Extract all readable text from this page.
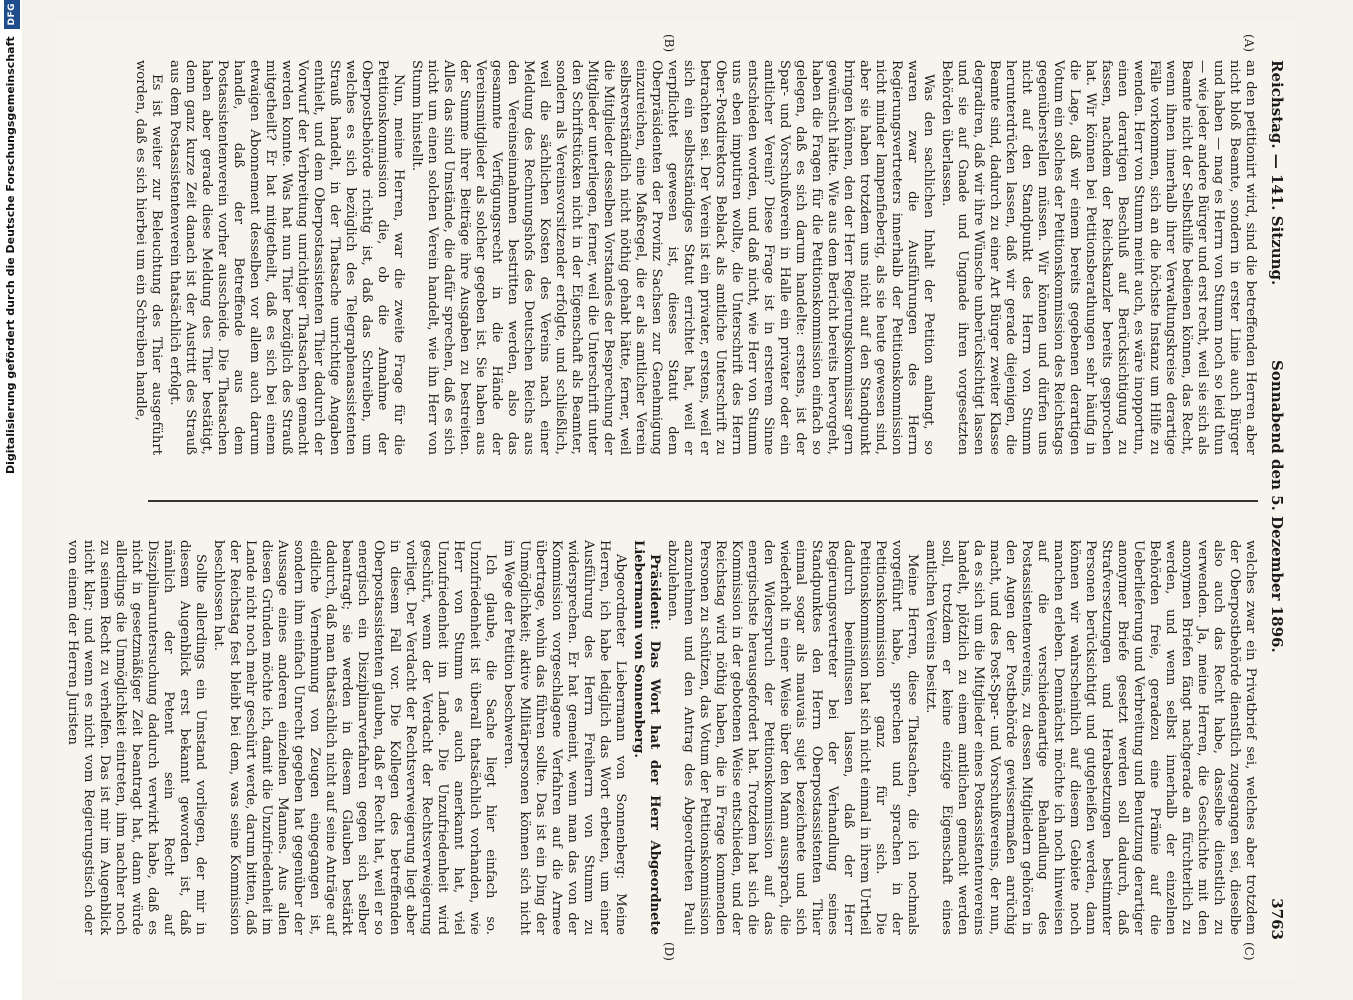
Reichstag. — 141. Sitzung.
Sonnabend den 5. Dezember 1896.
3763
(A)
(B)
(C)
(D)

an den petitionirt wird, sind die betreffenden Herren aber nicht bloß Beamte, sondern in erster Linie auch Bürger und haben — mag es Herrn von Stumm noch so leid thun — wie jeder andere Bürger und erst recht, weil sie sich als Beamte nicht der Selbsthilfe bedienen können, das Recht, wenn ihnen innerhalb ihrer Verwaltungskreise derartige Fälle vorkommen, sich an die höchste Instanz um Hilfe zu wenden. Herr von Stumm meint auch, es wäre inopportun, einen derartigen Beschluß auf Berücksichtigung zu fassen, nachdem der Reichskanzler bereits gesprochen hat. Wir können bei Petitionsberathungen sehr häufig in die Lage, daß wir einem bereits gegebenen derartigen Votum ein solches der Petitionskommission des Reichstags gegenüberstellen müssen. Wir können und dürfen uns nicht auf den Standpunkt des Herrn von Stumm herunterdrücken lassen, daß wir gerade diejenigen, die Beamte sind, dadurch zu einer Art Bürger zweiter Klasse degradiren, daß wir ihre Wünsche unberücksichtigt lassen und sie auf Gnade und Ungnade ihren vorgesetzten Behörden überlassen.

Was den sachlichen Inhalt der Petition anlangt, so waren zwar die Ausführungen des Herrn Regierungsvertreters innerhalb der Petitionskommission nicht minder lampenfieberig, als sie heute gewesen sind, aber sie haben trotzdem uns nicht auf den Standpunkt bringen können, den der Herr Regierungskommissar gern gewünscht hätte. Wie aus dem Bericht bereits hervorgeht, haben die Fragen für die Petitionskommission einfach so gelegen, daß es sich darum handelte: erstens, ist der Spar- und Vorschußverein in Halle ein privater oder ein amtlicher Verein? Diese Frage ist in ersterem Sinne entschieden worden, und daß nicht, wie Herr von Stumm uns eben imputiren wollte, die Unterschrift des Herrn Ober-Postdirektors Beblack als amtliche Unterschrift zu betrachten sei. Der Verein ist ein privater, erstens, weil er sich ein selbstständiges Statut errichtet hat, weil er verpflichtet gewesen ist, dieses Statut dem Oberpräsidenten der Provinz Sachsen zur Genehmigung einzureichen, eine Maßregel, die er als amtlicher Verein selbstverständlich nicht nöthig gehabt hätte, ferner, weil die Mitglieder desselben Vorstandes der Besprechung der Mitglieder unterliegen, ferner, weil die Unterschrift unter den Schriftstücken nicht in der Eigenschaft als Beamter, sondern als Vereinsvorsitzender erfolgte, und schließlich, weil die sächlichen Kosten des Vereins nach einer Meldung des Rechnungshofs des Deutschen Reichs aus den Vereinseinnahmen bestritten werden, also das gesammte Verfügungsrecht in die Hände der Vereinsmitglieder als solcher gegeben ist. Sie haben aus der Summe ihrer Beiträge ihre Ausgaben zu bestreiten. Alles das sind Umstände, die dafür sprechen, daß es sich nicht um einen solchen Verein handelt, wie ihn Herr von Stumm hinstellt.

Nun, meine Herren, war die zweite Frage für die Petitionskommission die, ob die Annahme der Oberpostbehörde richtig ist, daß das Schreiben, um welches es sich bezüglich des Telegraphenassistenten Strauß handelt, in der Thatsache unrichtige Angaben enthielt, und dem Oberpostassistenten Thier dadurch der Vorwurf der Verbreitung unrichtiger Thatsachen gemacht werden konnte. Was hat nun Thier bezüglich des Strauß mitgetheilt? Er hat mitgetheilt, daß es sich bei einem etwaigen Abonnement desselben vor allem auch darum handle, daß der Betreffende aus dem Postassistentenverein vorher ausscheide. Die Thatsachen haben aber gerade diese Meldung des Thier bestätigt, denn ganz kurze Zeit danach ist der Austritt des Strauß aus dem Postassistentenverein thatsächlich erfolgt.

Es ist weiter zur Beleuchtung des Thier ausgeführt worden, daß es sich hierbei um ein Schreiben handle,

welches zwar ein Privatbrief sei, welches aber trotzdem der Oberpostbehörde dienstlich zugegangen sei, dieselbe also auch das Recht habe, dasselbe dienstlich zu verwenden. Ja, meine Herren, die Geschichte mit den anonymen Briefen fängt nachgerade an fürchterlich zu werden, und wenn selbst innerhalb der einzelnen Behörden freie, geradezu eine Prämie auf die Ueberlieferung und Verbreitung und Benutzung derartiger anonymer Briefe gesetzt werden soll dadurch, daß Strafversetzungen und Herabsetzungen bestimmter Personen berücksichtigt und gutgeheißen werden, dann können wir wahrscheinlich auf diesem Gebiete noch manchen erleben. Demnächst möchte ich noch hinweisen auf die verschiedenartige Behandlung des Postassistentenvereins, zu dessen Mitgliedern gehören in den Augen der Postbehörde gewissermaßen anrüchig macht, und des Post-Spar- und Vorschußvereins, der nun, da es sich um die Mitglieder eines Postassistentenvereins handelt, plötzlich zu einem amtlichen gemacht werden soll, trotzdem er keine einzige Eigenschaft eines amtlichen Vereins besitzt.

Meine Herren, diese Thatsachen, die ich nochmals vorgeführt habe, sprechen und sprachen in der Petitionskommission ganz für sich. Die Petitionskommission hat sich nicht einmal in ihrem Urtheil dadurch beeinflussen lassen, daß der Herr Regierungsvertreter bei der Verhandlung seines Standpunktes den Herrn Oberpostassistenten Thier einmal sogar als mauvais sujet bezeichnete und sich wiederholt in einer Weise über den Mann aussprach, die den Widerspruch der Petitionskommission auf das energischste herausgefordert hat. Trotzdem hat sich die Kommission in der gebotenen Weise entschieden, und der Reichstag wird nöthig haben, die in Frage kommenden Personen zu schützen, das Votum der Petitionskommission anzunehmen und den Antrag des Abgeordneten Pauli abzulehnen.

Präsident: Das Wort hat der Herr Abgeordnete Liebermann von Sonnenberg.

Abgeordneter Liebermann von Sonnenberg: Meine Herren, ich habe lediglich das Wort erbeten, um einer Ausführung des Herrn Freiherrn von Stumm zu widersprechen. Er hat gemeint, wenn man das von der Kommission vorgeschlagene Verfahren auf die Armee übertrage, wohin das führen sollte. Das ist ein Ding der Unmöglichkeit; aktive Militärpersonen können sich nicht im Wege der Petition beschweren.

Ich glaube, die Sache liegt hier einfach so. Unzufriedenheit ist überall thatsächlich vorhanden, wie Herr von Stumm es auch anerkannt hat, viel Unzufriedenheit im Lande. Die Unzufriedenheit wird geschürt, wenn der Verdacht der Rechtsverweigerung vorliegt. Der Verdacht der Rechtsverweigerung liegt aber in diesem Fall vor. Die Kollegen des betreffenden Oberpostassistenten glauben, daß er Recht hat, weil er so energisch ein Disziplinarverfahren gegen sich selber beantragt; sie werden in diesem Glauben bestärkt dadurch, daß man thatsächlich nicht auf seine Anträge auf eidliche Vernehmung von Zeugen eingegangen ist, sondern ihm einfach Unrecht gegeben hat gegenüber der Aussage eines anderen einzelnen Mannes. Aus allen diesen Gründen möchte ich, damit die Unzufriedenheit im Lande nicht noch mehr geschürt werde, darum bitten, daß der Reichstag fest bleibt bei dem, was seine Kommission beschlossen hat.

Sollte allerdings ein Umstand vorliegen, der mir in diesem Augenblick erst bekannt geworden ist, daß nämlich der Petent sein Recht auf Disziplinaruntersuchung dadurch verwirkt habe, daß es nicht in gesetzmäßiger Zeit beantragt hat, dann würde allerdings die Unmöglichkeit eintreten, ihm nachher noch zu seinem Recht zu verhelfen. Das ist mir im Augenblick nicht klar; und wenn es nicht vom Regierungstisch oder von einem der Herren Juristen

Digitalisierung gefördert durch die Deutsche Forschungsgemeinschaft DFG
